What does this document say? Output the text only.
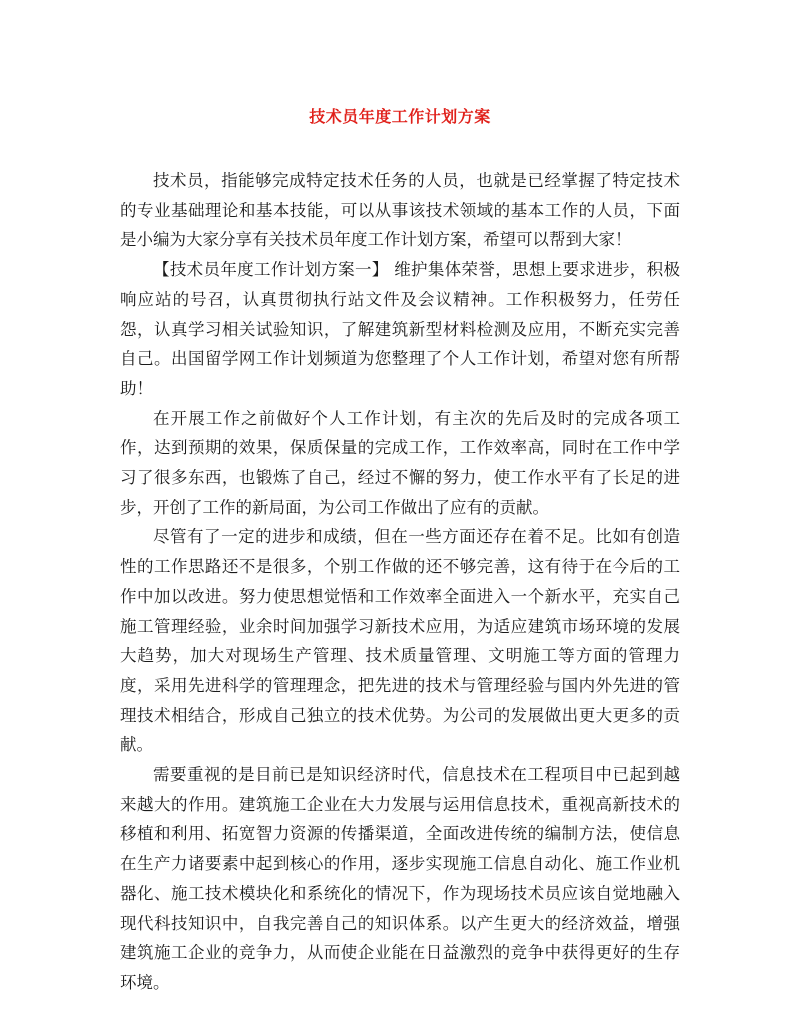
技术员年度工作计划方案

技术员，指能够完成特定技术任务的人员，也就是已经掌握了特定技术的专业基础理论和基本技能，可以从事该技术领域的基本工作的人员，下面是小编为大家分享有关技术员年度工作计划方案，希望可以帮到大家！

【技术员年度工作计划方案一】 维护集体荣誉，思想上要求进步，积极响应站的号召，认真贯彻执行站文件及会议精神。工作积极努力，任劳任怨，认真学习相关试验知识，了解建筑新型材料检测及应用，不断充实完善自己。出国留学网工作计划频道为您整理了个人工作计划，希望对您有所帮助！

在开展工作之前做好个人工作计划，有主次的先后及时的完成各项工作，达到预期的效果，保质保量的完成工作，工作效率高，同时在工作中学习了很多东西，也锻炼了自己，经过不懈的努力，使工作水平有了长足的进步，开创了工作的新局面，为公司工作做出了应有的贡献。

尽管有了一定的进步和成绩，但在一些方面还存在着不足。比如有创造性的工作思路还不是很多，个别工作做的还不够完善，这有待于在今后的工作中加以改进。努力使思想觉悟和工作效率全面进入一个新水平，充实自己施工管理经验，业余时间加强学习新技术应用，为适应建筑市场环境的发展大趋势，加大对现场生产管理、技术质量管理、文明施工等方面的管理力度，采用先进科学的管理理念，把先进的技术与管理经验与国内外先进的管理技术相结合，形成自己独立的技术优势。为公司的发展做出更大更多的贡献。

需要重视的是目前已是知识经济时代，信息技术在工程项目中已起到越来越大的作用。建筑施工企业在大力发展与运用信息技术，重视高新技术的移植和利用、拓宽智力资源的传播渠道，全面改进传统的编制方法，使信息在生产力诸要素中起到核心的作用，逐步实现施工信息自动化、施工作业机器化、施工技术模块化和系统化的情况下，作为现场技术员应该自觉地融入现代科技知识中，自我完善自己的知识体系。以产生更大的经济效益，增强建筑施工企业的竞争力，从而使企业能在日益激烈的竞争中获得更好的生存环境。
